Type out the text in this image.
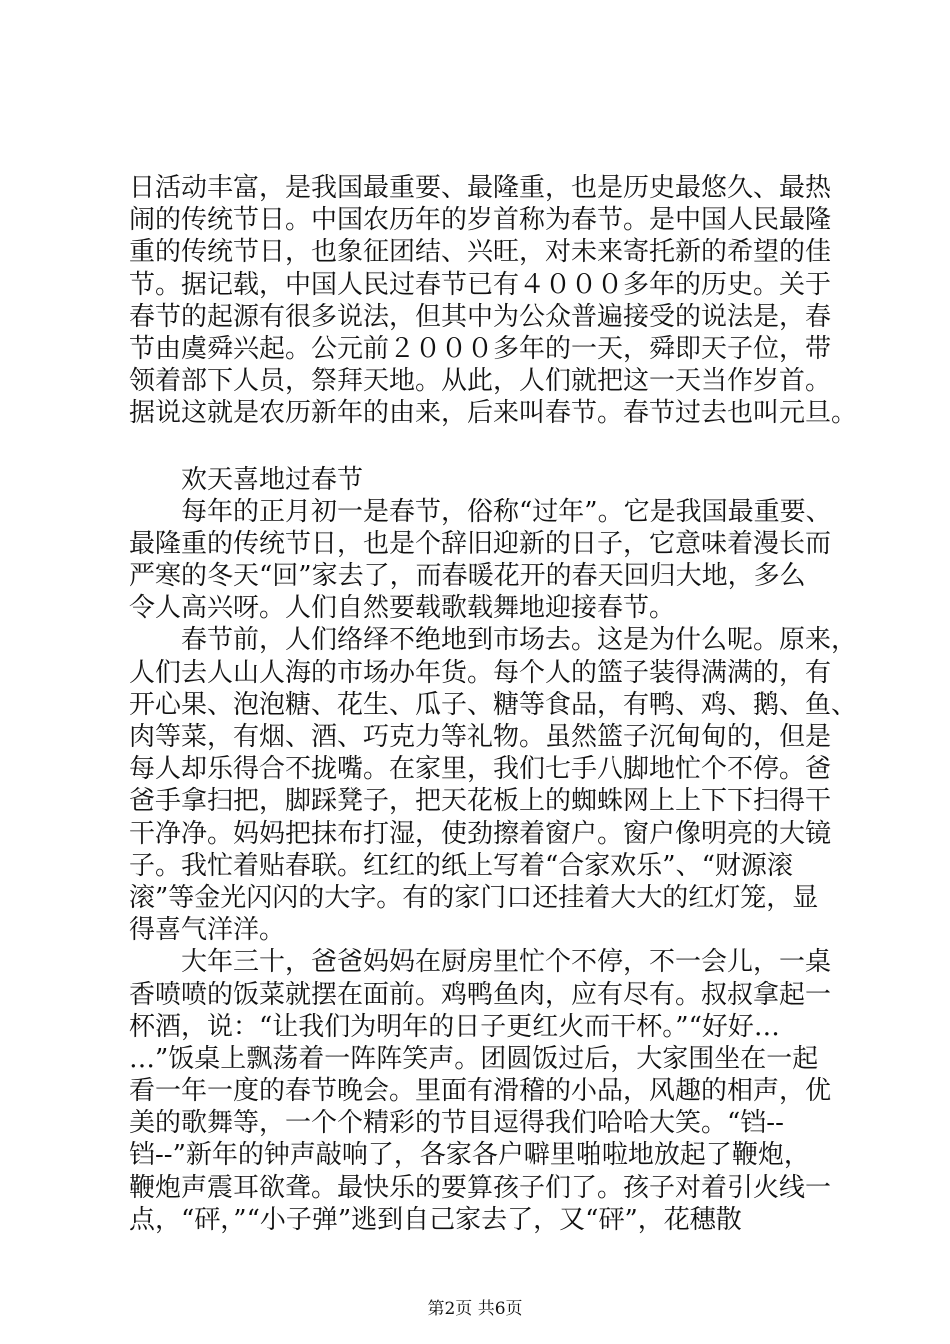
日活动丰富，是我国最重要、最隆重，也是历史最悠久、最热
闹的传统节日。中国农历年的岁首称为春节。是中国人民最隆
重的传统节日，也象征团结、兴旺，对未来寄托新的希望的佳
节。据记载，中国人民过春节已有４０００多年的历史。关于
春节的起源有很多说法，但其中为公众普遍接受的说法是，春
节由虞舜兴起。公元前２０００多年的一天，舜即天子位，带
领着部下人员，祭拜天地。从此，人们就把这一天当作岁首。
据说这就是农历新年的由来，后来叫春节。春节过去也叫元旦。
　　欢天喜地过春节
　　每年的正月初一是春节，俗称“过年”。它是我国最重要、
最隆重的传统节日，也是个辞旧迎新的日子，它意味着漫长而
严寒的冬天“回”家去了，而春暖花开的春天回归大地，多么
令人高兴呀。人们自然要载歌载舞地迎接春节。
　　春节前，人们络绎不绝地到市场去。这是为什么呢。原来，
人们去人山人海的市场办年货。每个人的篮子装得满满的，有
开心果、泡泡糖、花生、瓜子、糖等食品，有鸭、鸡、鹅、鱼、
肉等菜，有烟、酒、巧克力等礼物。虽然篮子沉甸甸的，但是
每人却乐得合不拢嘴。在家里，我们七手八脚地忙个不停。爸
爸手拿扫把，脚踩凳子，把天花板上的蜘蛛网上上下下扫得干
干净净。妈妈把抹布打湿，使劲擦着窗户。窗户像明亮的大镜
子。我忙着贴春联。红红的纸上写着“合家欢乐”、“财源滚
滚”等金光闪闪的大字。有的家门口还挂着大大的红灯笼，显
得喜气洋洋。
　　大年三十，爸爸妈妈在厨房里忙个不停，不一会儿，一桌
香喷喷的饭菜就摆在面前。鸡鸭鱼肉，应有尽有。叔叔拿起一
杯酒，说：“让我们为明年的日子更红火而干杯。”“好好…
…”饭桌上飘荡着一阵阵笑声。团圆饭过后，大家围坐在一起
看一年一度的春节晚会。里面有滑稽的小品，风趣的相声，优
美的歌舞等，一个个精彩的节目逗得我们哈哈大笑。“铛--
铛--”新年的钟声敲响了，各家各户噼里啪啦地放起了鞭炮，
鞭炮声震耳欲聋。最快乐的要算孩子们了。孩子对着引火线一
点，“砰，”“小子弹”逃到自己家去了，又“砰”，花穗散
第2页 共6页
